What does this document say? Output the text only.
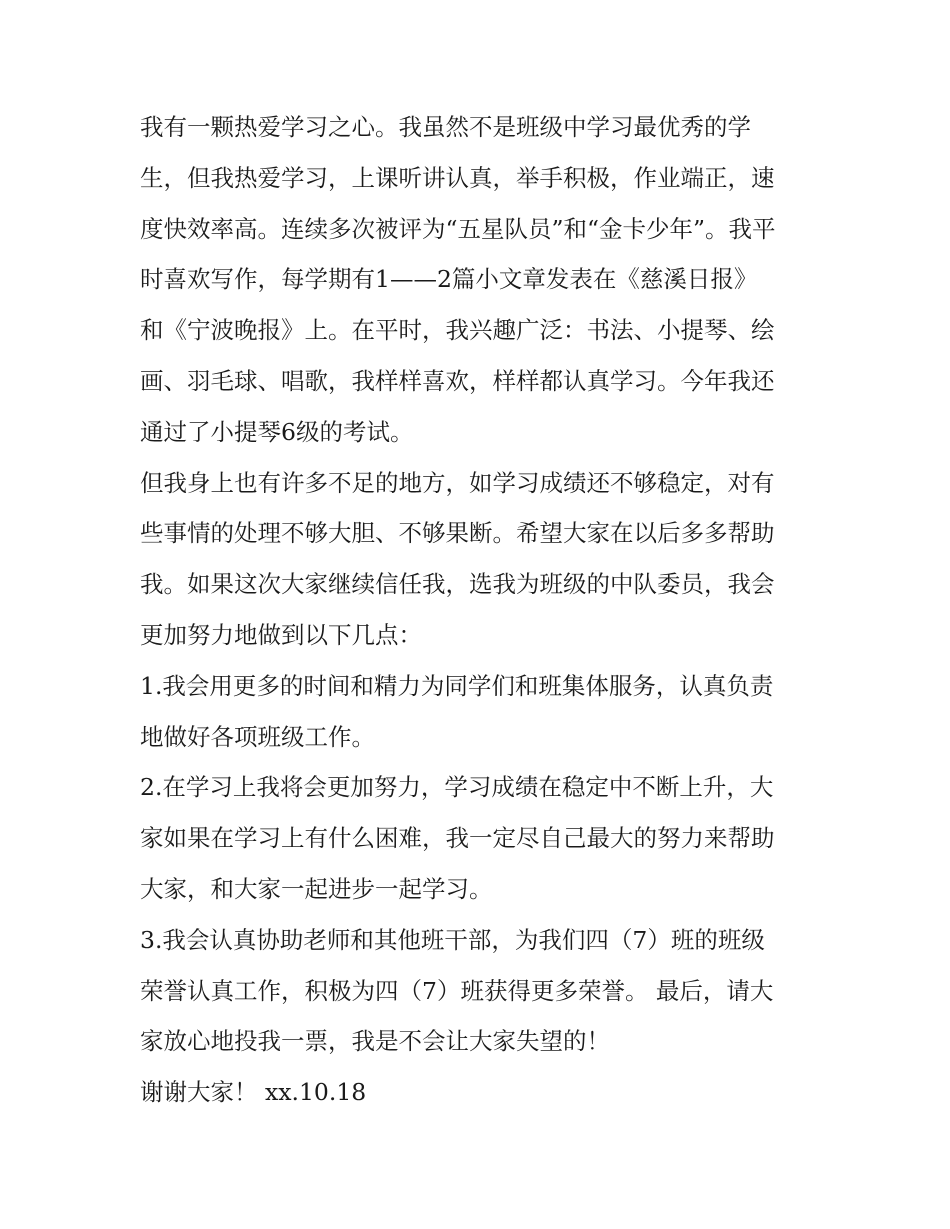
我有一颗热爱学习之心。我虽然不是班级中学习最优秀的学
生，但我热爱学习，上课听讲认真，举手积极，作业端正，速
度快效率高。连续多次被评为“五星队员”和“金卡少年”。我平
时喜欢写作，每学期有1——2篇小文章发表在《慈溪日报》
和《宁波晚报》上。在平时，我兴趣广泛：书法、小提琴、绘
画、羽毛球、唱歌，我样样喜欢，样样都认真学习。今年我还
通过了小提琴6级的考试。
但我身上也有许多不足的地方，如学习成绩还不够稳定，对有
些事情的处理不够大胆、不够果断。希望大家在以后多多帮助
我。如果这次大家继续信任我，选我为班级的中队委员，我会
更加努力地做到以下几点：
1.我会用更多的时间和精力为同学们和班集体服务，认真负责
地做好各项班级工作。
2.在学习上我将会更加努力，学习成绩在稳定中不断上升，大
家如果在学习上有什么困难，我一定尽自己最大的努力来帮助
大家，和大家一起进步一起学习。
3.我会认真协助老师和其他班干部，为我们四（7）班的班级
荣誉认真工作，积极为四（7）班获得更多荣誉。 最后，请大
家放心地投我一票，我是不会让大家失望的！
谢谢大家！ xx.10.18
